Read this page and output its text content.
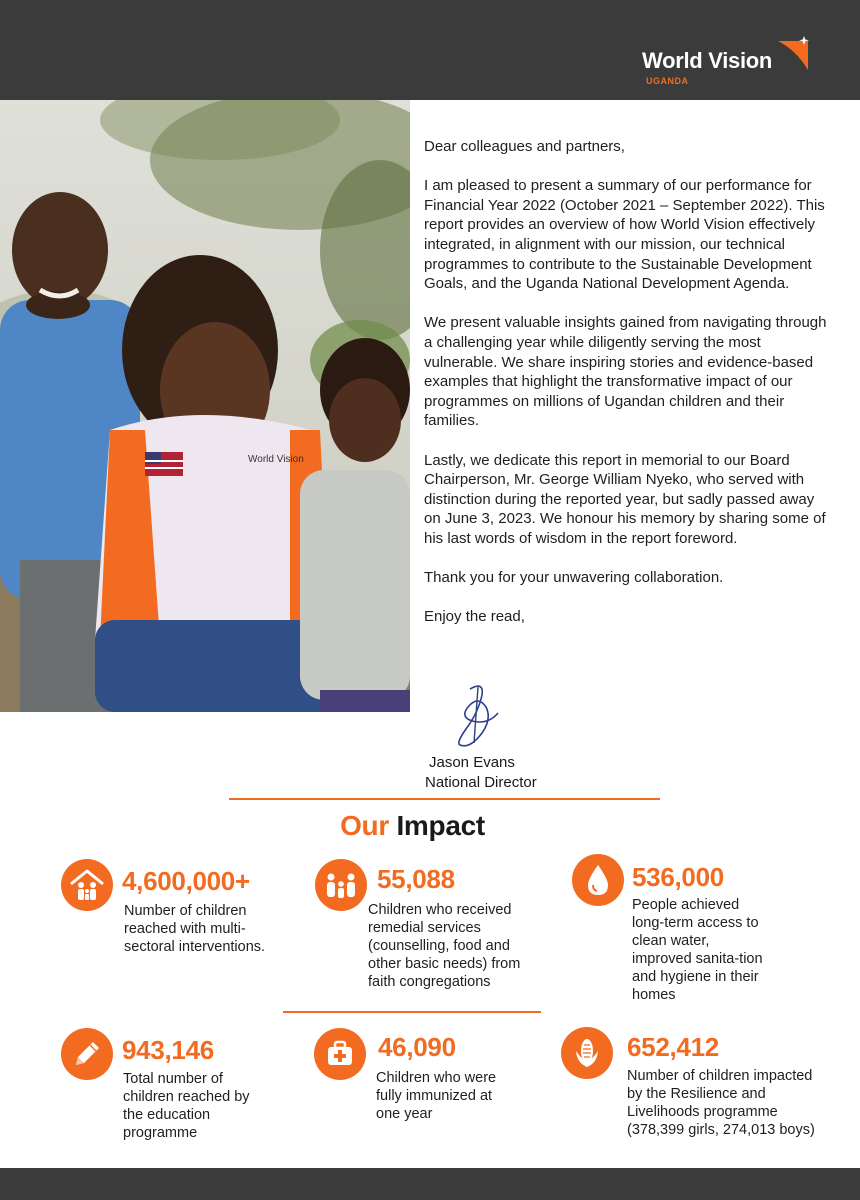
World Vision
UGANDA
World Vision

Dear colleagues and partners,

I am pleased to present a summary of our performance for Financial Year 2022 (October 2021 – September 2022). This report provides an overview of how World Vision effectively integrated, in alignment with our mission, our technical programmes to contribute to the Sustainable Development Goals, and the Uganda National Development Agenda.

We present valuable insights gained from navigating through a challenging year while diligently serving the most vulnerable. We share inspiring stories and evidence-based examples that highlight the transformative impact of our programmes on millions of Ugandan children and their families.

Lastly, we dedicate this report in memorial to our Board Chairperson, Mr. George William Nyeko, who served with distinction during the reported year, but sadly passed away on June 3, 2023. We honour his memory by sharing some of his last words of wisdom in the report foreword.

Thank you for your unwavering collaboration.

Enjoy the read,

Jason Evans
National Director
Our Impact
4,600,000+
Number of children reached with multi-sectoral interventions.
55,088
Children who received remedial services (counselling, food and other basic needs) from faith congregations
536,000
People achieved long-term access to clean water, improved sanita-tion and hygiene in their homes
943,146
Total number of children reached by the education programme
46,090
Children who were fully immunized at one year
652,412
Number of children impacted by the Resilience and Livelihoods programme (378,399 girls, 274,013 boys)
